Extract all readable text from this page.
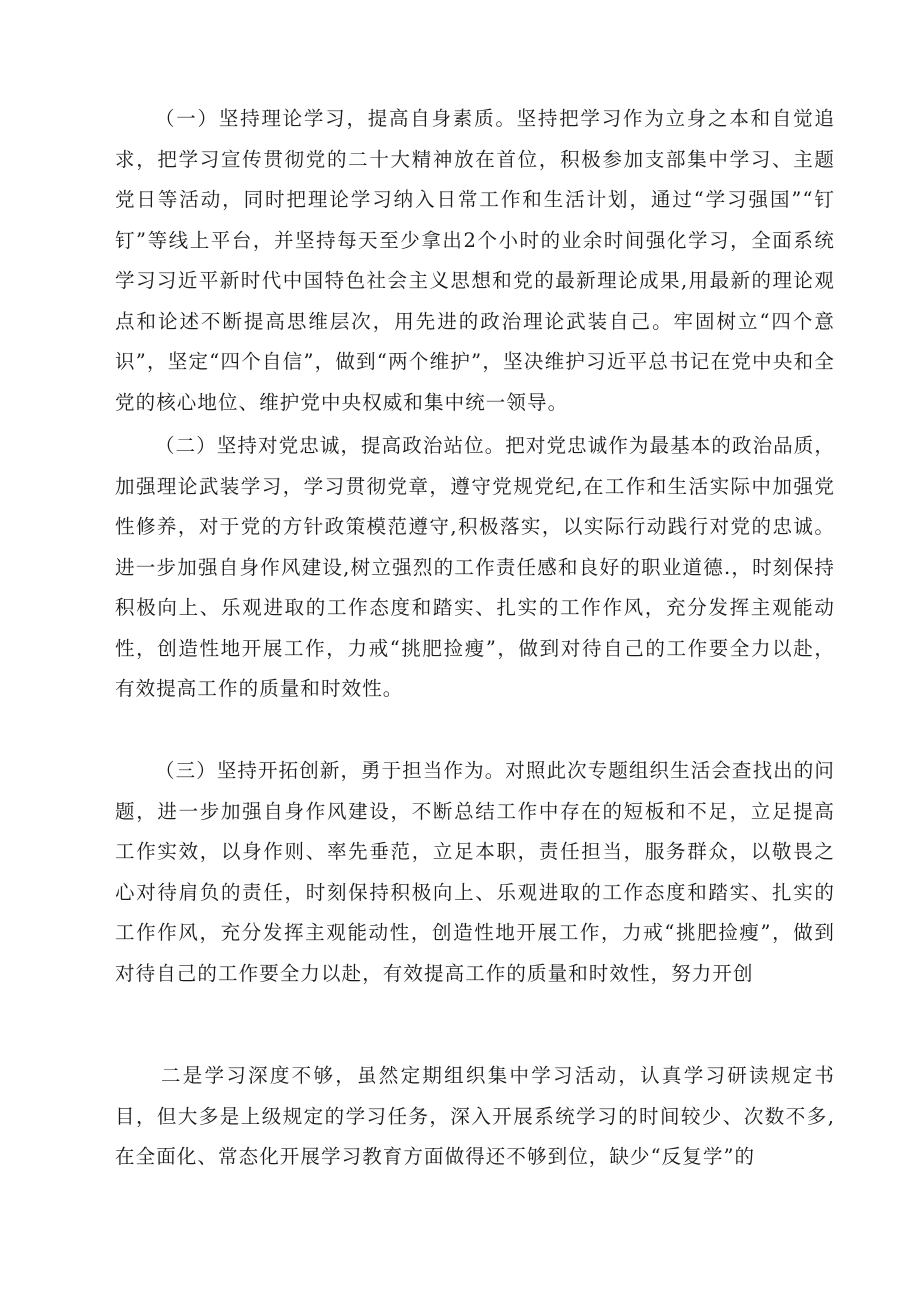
（一）坚持理论学习，提高自身素质。坚持把学习作为立身之本和自觉追求，把学习宣传贯彻党的二十大精神放在首位，积极参加支部集中学习、主题党日等活动，同时把理论学习纳入日常工作和生活计划，通过“学习强国”“钉钉”等线上平台，并坚持每天至少拿出2个小时的业余时间强化学习，全面系统学习习近平新时代中国特色社会主义思想和党的最新理论成果,用最新的理论观点和论述不断提高思维层次，用先进的政治理论武装自己。牢固树立“四个意识”，坚定“四个自信”，做到“两个维护”，坚决维护习近平总书记在党中央和全党的核心地位、维护党中央权威和集中统一领导。

（二）坚持对党忠诚，提高政治站位。把对党忠诚作为最基本的政治品质，加强理论武装学习，学习贯彻党章，遵守党规党纪,在工作和生活实际中加强党性修养，对于党的方针政策模范遵守,积极落实，以实际行动践行对党的忠诚。进一步加强自身作风建设,树立强烈的工作责任感和良好的职业道德.，时刻保持积极向上、乐观进取的工作态度和踏实、扎实的工作作风，充分发挥主观能动性，创造性地开展工作，力戒“挑肥捡瘦”，做到对待自己的工作要全力以赴，有效提高工作的质量和时效性。

（三）坚持开拓创新，勇于担当作为。对照此次专题组织生活会查找出的问题，进一步加强自身作风建设，不断总结工作中存在的短板和不足，立足提高工作实效，以身作则、率先垂范，立足本职，责任担当，服务群众，以敬畏之心对待肩负的责任，时刻保持积极向上、乐观进取的工作态度和踏实、扎实的工作作风，充分发挥主观能动性，创造性地开展工作，力戒“挑肥捡瘦”，做到对待自己的工作要全力以赴，有效提高工作的质量和时效性，努力开创

二是学习深度不够，虽然定期组织集中学习活动，认真学习研读规定书目，但大多是上级规定的学习任务，深入开展系统学习的时间较少、次数不多,在全面化、常态化开展学习教育方面做得还不够到位，缺少“反复学”的
